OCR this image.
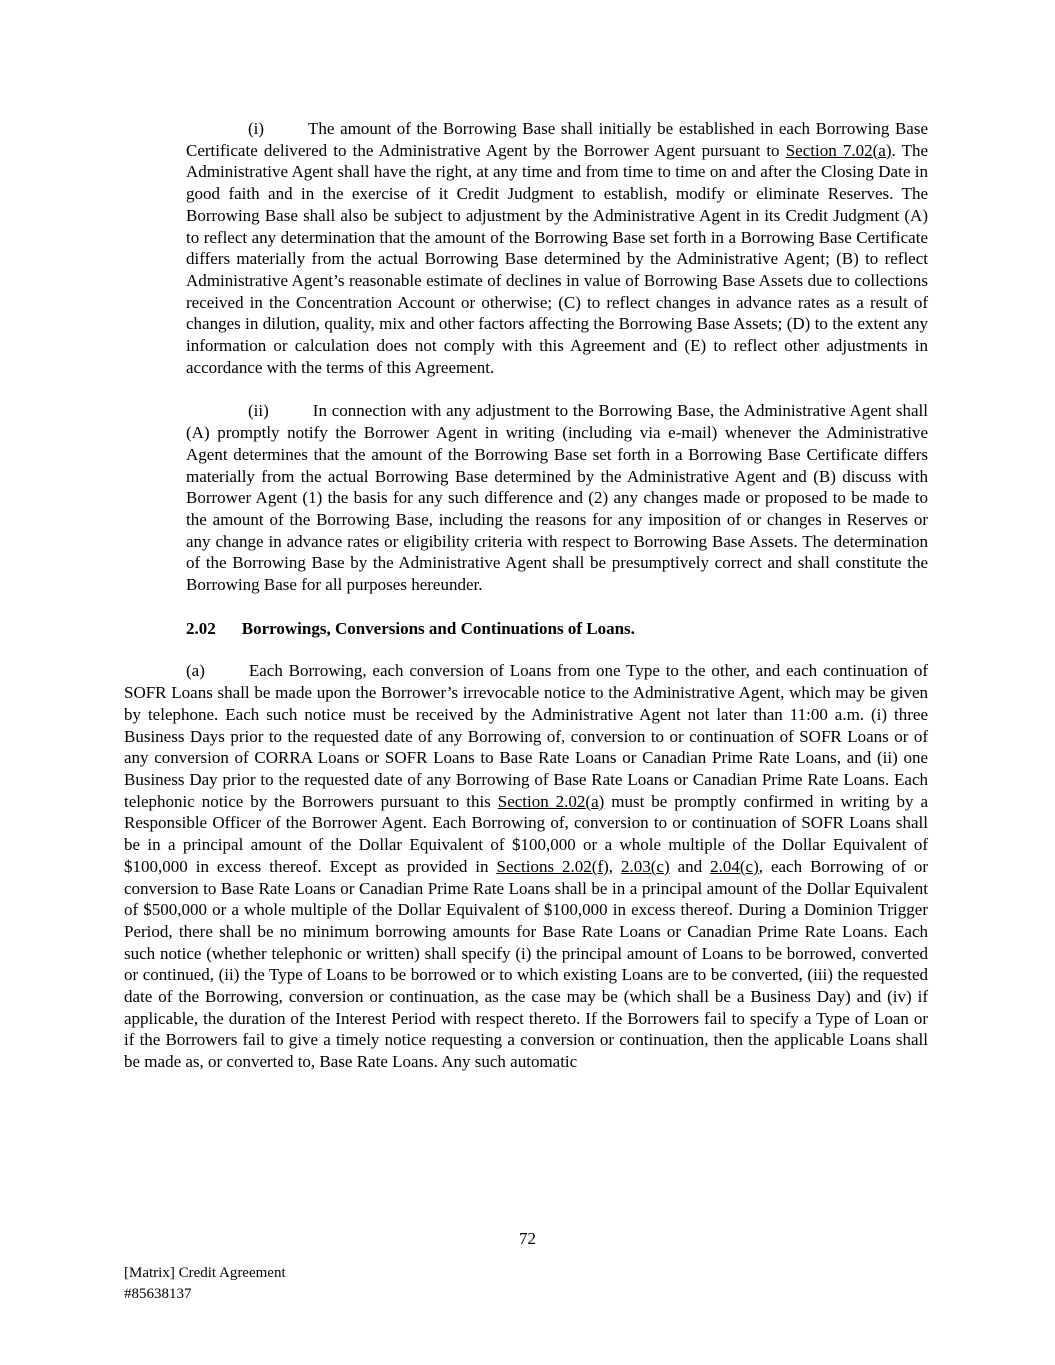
(i)	The amount of the Borrowing Base shall initially be established in each Borrowing Base Certificate delivered to the Administrative Agent by the Borrower Agent pursuant to Section 7.02(a). The Administrative Agent shall have the right, at any time and from time to time on and after the Closing Date in good faith and in the exercise of it Credit Judgment to establish, modify or eliminate Reserves. The Borrowing Base shall also be subject to adjustment by the Administrative Agent in its Credit Judgment (A) to reflect any determination that the amount of the Borrowing Base set forth in a Borrowing Base Certificate differs materially from the actual Borrowing Base determined by the Administrative Agent; (B) to reflect Administrative Agent’s reasonable estimate of declines in value of Borrowing Base Assets due to collections received in the Concentration Account or otherwise; (C) to reflect changes in advance rates as a result of changes in dilution, quality, mix and other factors affecting the Borrowing Base Assets; (D) to the extent any information or calculation does not comply with this Agreement and (E) to reflect other adjustments in accordance with the terms of this Agreement.

(ii)	In connection with any adjustment to the Borrowing Base, the Administrative Agent shall (A) promptly notify the Borrower Agent in writing (including via e-mail) whenever the Administrative Agent determines that the amount of the Borrowing Base set forth in a Borrowing Base Certificate differs materially from the actual Borrowing Base determined by the Administrative Agent and (B) discuss with Borrower Agent (1) the basis for any such difference and (2) any changes made or proposed to be made to the amount of the Borrowing Base, including the reasons for any imposition of or changes in Reserves or any change in advance rates or eligibility criteria with respect to Borrowing Base Assets. The determination of the Borrowing Base by the Administrative Agent shall be presumptively correct and shall constitute the Borrowing Base for all purposes hereunder.

2.02 Borrowings, Conversions and Continuations of Loans.

(a)	Each Borrowing, each conversion of Loans from one Type to the other, and each continuation of SOFR Loans shall be made upon the Borrower’s irrevocable notice to the Administrative Agent, which may be given by telephone. Each such notice must be received by the Administrative Agent not later than 11:00 a.m. (i) three Business Days prior to the requested date of any Borrowing of, conversion to or continuation of SOFR Loans or of any conversion of CORRA Loans or SOFR Loans to Base Rate Loans or Canadian Prime Rate Loans, and (ii) one Business Day prior to the requested date of any Borrowing of Base Rate Loans or Canadian Prime Rate Loans. Each telephonic notice by the Borrowers pursuant to this Section 2.02(a) must be promptly confirmed in writing by a Responsible Officer of the Borrower Agent. Each Borrowing of, conversion to or continuation of SOFR Loans shall be in a principal amount of the Dollar Equivalent of $100,000 or a whole multiple of the Dollar Equivalent of $100,000 in excess thereof. Except as provided in Sections 2.02(f), 2.03(c) and 2.04(c), each Borrowing of or conversion to Base Rate Loans or Canadian Prime Rate Loans shall be in a principal amount of the Dollar Equivalent of $500,000 or a whole multiple of the Dollar Equivalent of $100,000 in excess thereof. During a Dominion Trigger Period, there shall be no minimum borrowing amounts for Base Rate Loans or Canadian Prime Rate Loans. Each such notice (whether telephonic or written) shall specify (i) the principal amount of Loans to be borrowed, converted or continued, (ii) the Type of Loans to be borrowed or to which existing Loans are to be converted, (iii) the requested date of the Borrowing, conversion or continuation, as the case may be (which shall be a Business Day) and (iv) if applicable, the duration of the Interest Period with respect thereto. If the Borrowers fail to specify a Type of Loan or if the Borrowers fail to give a timely notice requesting a conversion or continuation, then the applicable Loans shall be made as, or converted to, Base Rate Loans. Any such automatic

72
[Matrix] Credit Agreement
#85638137
